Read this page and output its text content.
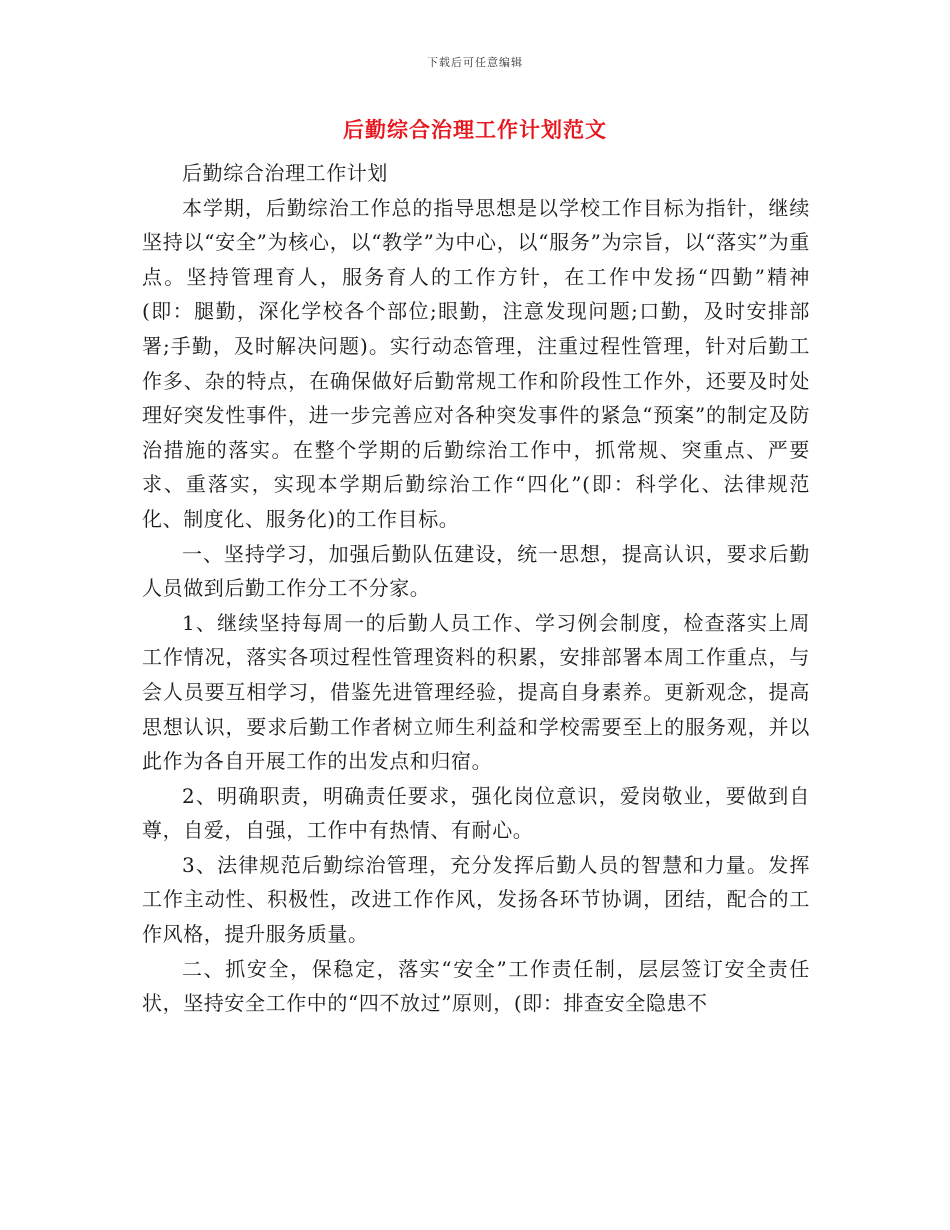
下载后可任意编辑
后勤综合治理工作计划范文

后勤综合治理工作计划

本学期，后勤综治工作总的指导思想是以学校工作目标为指针，继续坚持以“安全”为核心，以“教学”为中心，以“服务”为宗旨，以“落实”为重点。坚持管理育人，服务育人的工作方针，在工作中发扬“四勤”精神(即：腿勤，深化学校各个部位;眼勤，注意发现问题;口勤，及时安排部署;手勤，及时解决问题)。实行动态管理，注重过程性管理，针对后勤工作多、杂的特点，在确保做好后勤常规工作和阶段性工作外，还要及时处理好突发性事件，进一步完善应对各种突发事件的紧急“预案”的制定及防治措施的落实。在整个学期的后勤综治工作中，抓常规、突重点、严要求、重落实，实现本学期后勤综治工作“四化”(即：科学化、法律规范化、制度化、服务化)的工作目标。

一、坚持学习，加强后勤队伍建设，统一思想，提高认识，要求后勤人员做到后勤工作分工不分家。

1、继续坚持每周一的后勤人员工作、学习例会制度，检查落实上周工作情况，落实各项过程性管理资料的积累，安排部署本周工作重点，与会人员要互相学习，借鉴先进管理经验，提高自身素养。更新观念，提高思想认识，要求后勤工作者树立师生利益和学校需要至上的服务观，并以此作为各自开展工作的出发点和归宿。

2、明确职责，明确责任要求，强化岗位意识，爱岗敬业，要做到自尊，自爱，自强，工作中有热情、有耐心。

3、法律规范后勤综治管理，充分发挥后勤人员的智慧和力量。发挥工作主动性、积极性，改进工作作风，发扬各环节协调，团结，配合的工作风格，提升服务质量。

二、抓安全，保稳定，落实“安全”工作责任制，层层签订安全责任状，坚持安全工作中的“四不放过”原则，(即：排查安全隐患不
